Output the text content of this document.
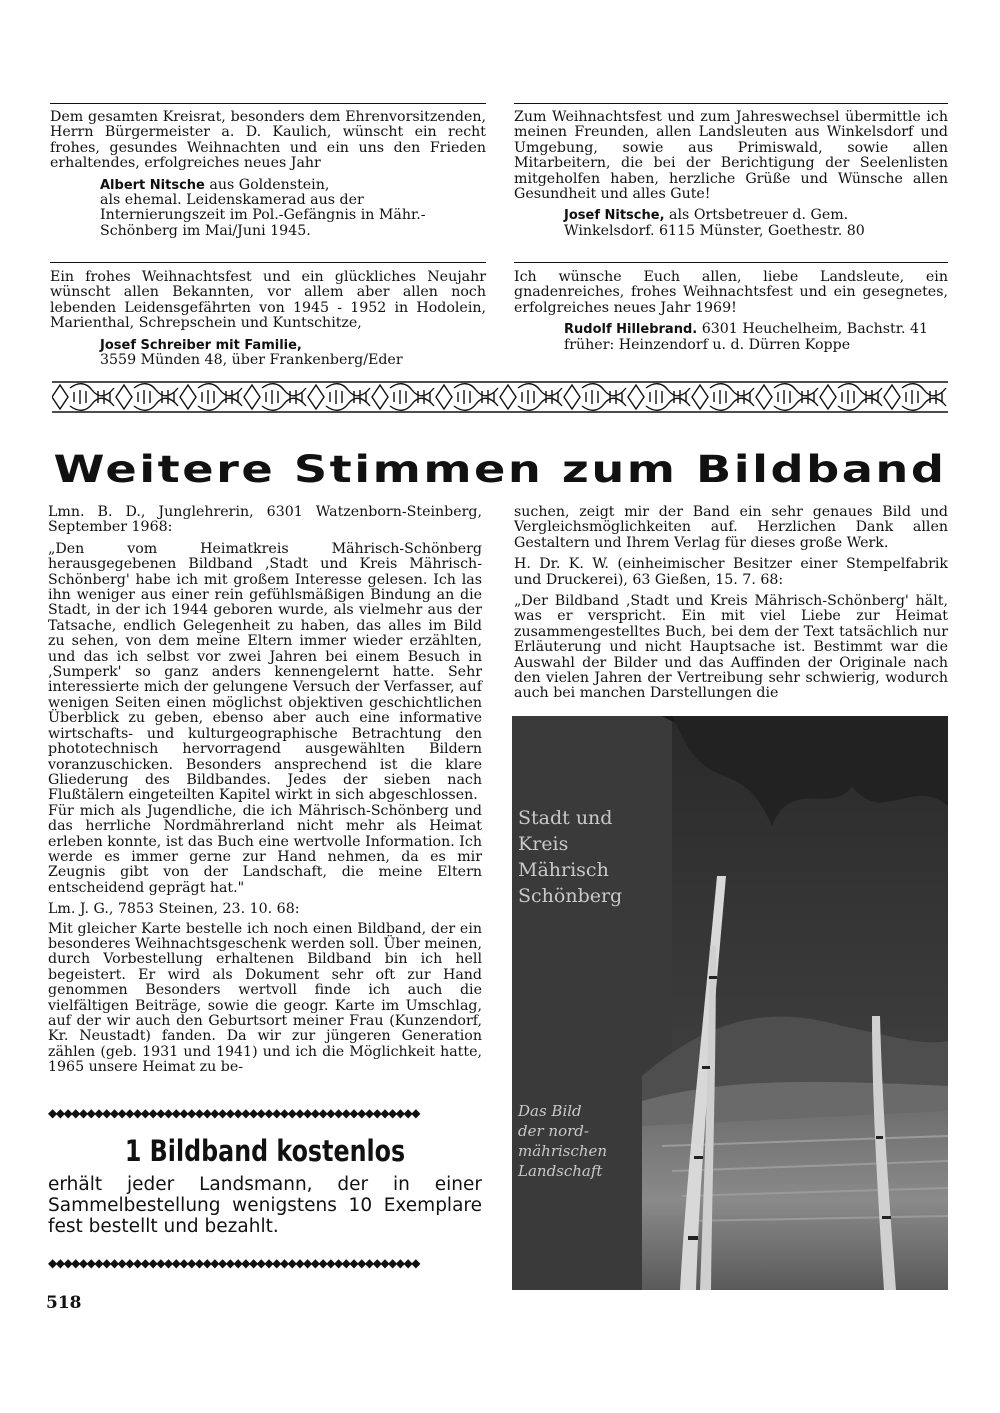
Dem gesamten Kreisrat, besonders dem Ehrenvorsitzenden, Herrn Bürgermeister a. D. Kaulich, wünscht ein recht frohes, gesundes Weihnachten und ein uns den Frieden erhaltendes, erfolgreiches neues Jahr

Albert Nitsche aus Goldenstein,
als ehemal. Leidenskamerad aus der
Internierungszeit im Pol.-Gefängnis in Mähr.-
Schönberg im Mai/Juni 1945.

Zum Weihnachtsfest und zum Jahreswechsel übermittle ich meinen Freunden, allen Landsleuten aus Winkelsdorf und Umgebung, sowie aus Primiswald, sowie allen Mitarbeitern, die bei der Berichtigung der Seelenlisten mitgeholfen haben, herzliche Grüße und Wünsche allen Gesundheit und alles Gute!

Josef Nitsche, als Ortsbetreuer d. Gem.
Winkelsdorf. 6115 Münster, Goethestr. 80

Ein frohes Weihnachtsfest und ein glückliches Neujahr wünscht allen Bekannten, vor allem aber allen noch lebenden Leidensgefährten von 1945 - 1952 in Hodolein, Marienthal, Schrepschein und Kuntschitze,

Josef Schreiber mit Familie,
3559 Münden 48, über Frankenberg/Eder

Ich wünsche Euch allen, liebe Landsleute, ein gnadenreiches, frohes Weihnachtsfest und ein gesegnetes, erfolgreiches neues Jahr 1969!

Rudolf Hillebrand. 6301 Heuchelheim, Bachstr. 41
früher: Heinzendorf u. d. Dürren Koppe
Weitere Stimmen zum Bildband

Lmn. B. D., Junglehrerin, 6301 Watzenborn-Steinberg, September 1968:

„Den vom Heimatkreis Mährisch-Schönberg herausgegebenen Bildband ‚Stadt und Kreis Mährisch-Schönberg' habe ich mit großem Interesse gelesen. Ich las ihn weniger aus einer rein gefühlsmäßigen Bindung an die Stadt, in der ich 1944 geboren wurde, als vielmehr aus der Tatsache, endlich Gelegenheit zu haben, das alles im Bild zu sehen, von dem meine Eltern immer wieder erzählten, und das ich selbst vor zwei Jahren bei einem Besuch in ‚Sumperk' so ganz anders kennengelernt hatte. Sehr interessierte mich der gelungene Versuch der Verfasser, auf wenigen Seiten einen möglichst objektiven geschichtlichen Überblick zu geben, ebenso aber auch eine informative wirtschafts- und kulturgeographische Betrachtung den phototechnisch hervorragend ausgewählten Bildern voranzuschicken. Besonders ansprechend ist die klare Gliederung des Bildbandes. Jedes der sieben nach Flußtälern eingeteilten Kapitel wirkt in sich abgeschlossen.

Für mich als Jugendliche, die ich Mährisch-Schönberg und das herrliche Nordmährerland nicht mehr als Heimat erleben konnte, ist das Buch eine wertvolle Information. Ich werde es immer gerne zur Hand nehmen, da es mir Zeugnis gibt von der Landschaft, die meine Eltern entscheidend geprägt hat."

Lm. J. G., 7853 Steinen, 23. 10. 68:

Mit gleicher Karte bestelle ich noch einen Bildband, der ein besonderes Weihnachtsgeschenk werden soll. Über meinen, durch Vorbestellung erhaltenen Bildband bin ich hell begeistert. Er wird als Dokument sehr oft zur Hand genommen Besonders wertvoll finde ich auch die vielfältigen Beiträge, sowie die geogr. Karte im Umschlag, auf der wir auch den Geburtsort meiner Frau (Kunzendorf, Kr. Neustadt) fanden. Da wir zur jüngeren Generation zählen (geb. 1931 und 1941) und ich die Möglichkeit hatte, 1965 unsere Heimat zu be-

suchen, zeigt mir der Band ein sehr genaues Bild und Vergleichsmöglichkeiten auf. Herzlichen Dank allen Gestaltern und Ihrem Verlag für dieses große Werk.

H. Dr. K. W. (einheimischer Besitzer einer Stempelfabrik und Druckerei), 63 Gießen, 15. 7. 68:

„Der Bildband ‚Stadt und Kreis Mährisch-Schönberg' hält, was er verspricht. Ein mit viel Liebe zur Heimat zusammengestelltes Buch, bei dem der Text tatsächlich nur Erläuterung und nicht Hauptsache ist. Bestimmt war die Auswahl der Bilder und das Auffinden der Originale nach den vielen Jahren der Vertreibung sehr schwierig, wodurch auch bei manchen Darstellungen die

◆◆◆◆◆◆◆◆◆◆◆◆◆◆◆◆◆◆◆◆◆◆◆◆◆◆◆◆◆◆◆◆◆◆◆◆◆◆◆◆◆◆◆◆◆◆◆◆

1 Bildband kostenlos

erhält jeder Landsmann, der in einer Sammelbestellung wenigstens 10 Exemplare fest bestellt und bezahlt.

◆◆◆◆◆◆◆◆◆◆◆◆◆◆◆◆◆◆◆◆◆◆◆◆◆◆◆◆◆◆◆◆◆◆◆◆◆◆◆◆◆◆◆◆◆◆◆◆
Stadt und
Kreis
Mährisch
Schönberg
Das Bild
der nord-
mährischen
Landschaft
518
